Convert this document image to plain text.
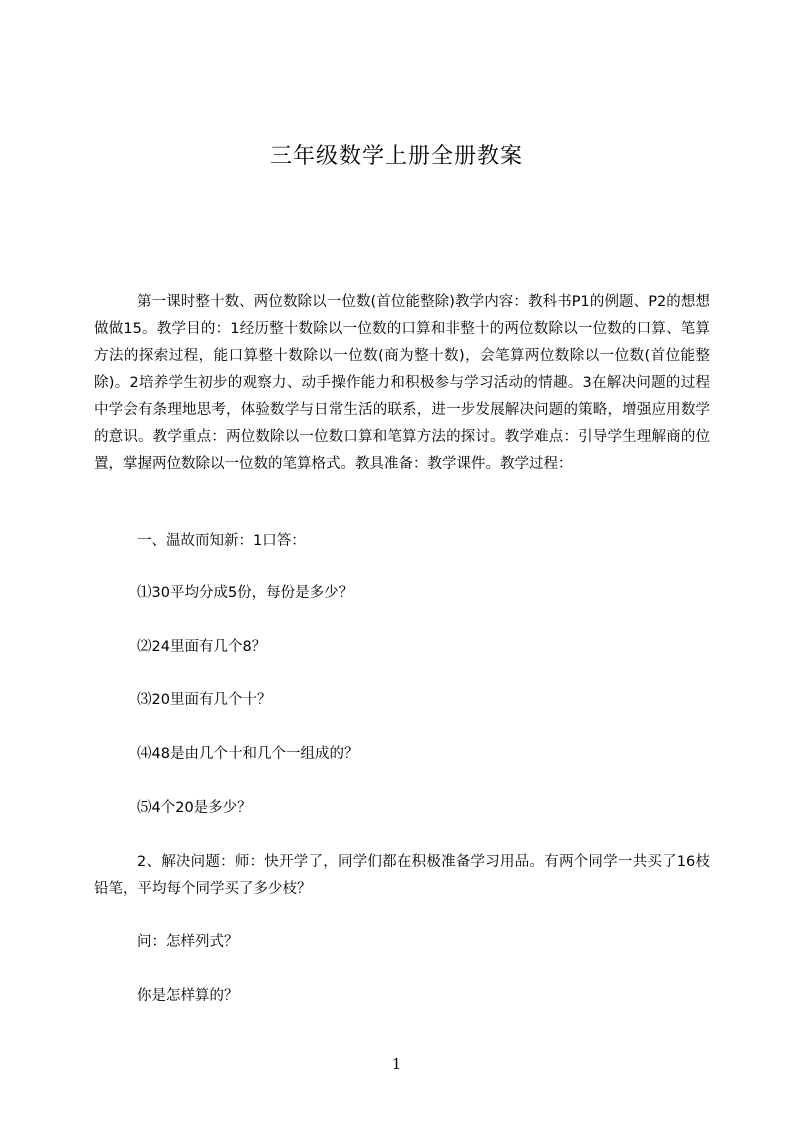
三年级数学上册全册教案

第一课时整十数、两位数除以一位数(首位能整除)教学内容：教科书P1的例题、P2的想想做做15。教学目的：1经历整十数除以一位数的口算和非整十的两位数除以一位数的口算、笔算方法的探索过程，能口算整十数除以一位数(商为整十数)，会笔算两位数除以一位数(首位能整除)。2培养学生初步的观察力、动手操作能力和积极参与学习活动的情趣。3在解决问题的过程中学会有条理地思考，体验数学与日常生活的联系，进一步发展解决问题的策略，增强应用数学的意识。教学重点：两位数除以一位数口算和笔算方法的探讨。教学难点：引导学生理解商的位置，掌握两位数除以一位数的笔算格式。教具准备：教学课件。教学过程：

一、温故而知新：1口答：

⑴30平均分成5份，每份是多少？

⑵24里面有几个8？

⑶20里面有几个十？

⑷48是由几个十和几个一组成的？

⑸4个20是多少？

2、解决问题：师：快开学了，同学们都在积极准备学习用品。有两个同学一共买了16枝铅笔，平均每个同学买了多少枝？

问：怎样列式？

你是怎样算的？

1
